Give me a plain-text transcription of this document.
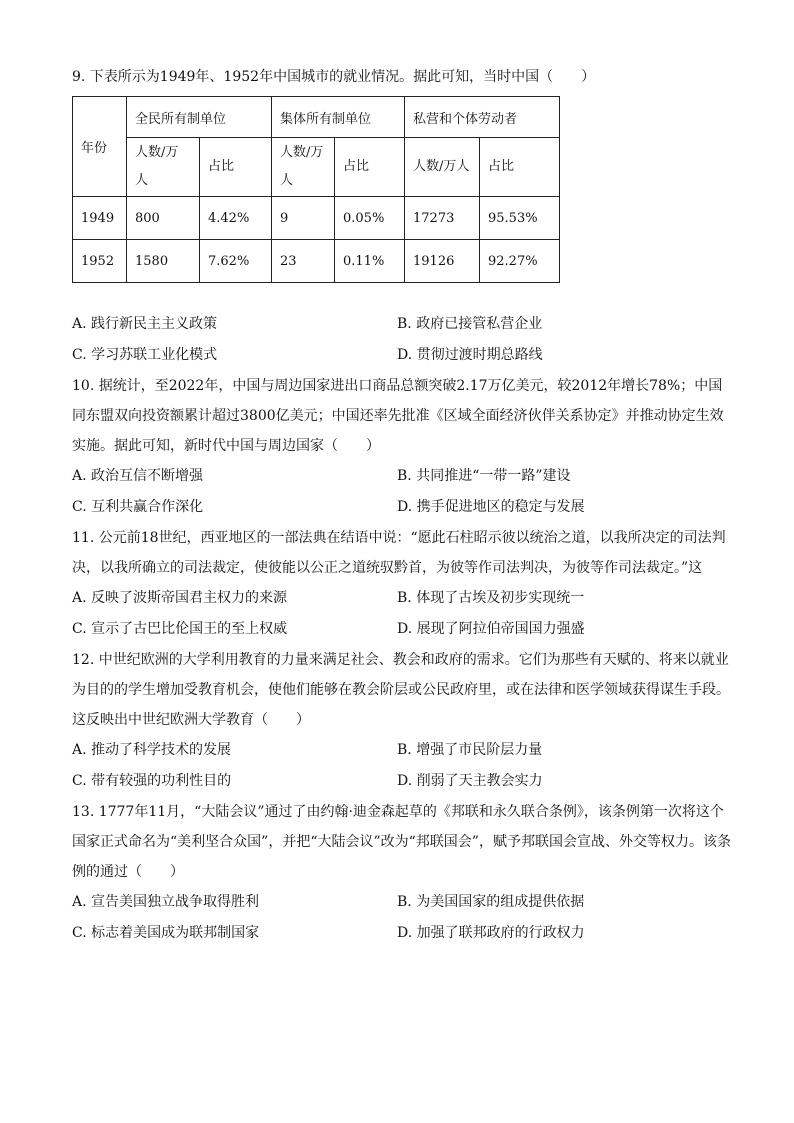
9. 下表所示为1949年、1952年中国城市的就业情况。据此可知，当时中国（　　）

年份	全民所有制单位		集体所有制单位		私营和个体劳动者	
	人数/万人	占比	人数/万人	占比	人数/万人	占比
1949	800	4.42%	9	0.05%	17273	95.53%
1952	1580	7.62%	23	0.11%	19126	92.27%
A. 践行新民主主义政策	B. 政府已接管私营企业
C. 学习苏联工业化模式	D. 贯彻过渡时期总路线

10. 据统计，至2022年，中国与周边国家进出口商品总额突破2.17万亿美元，较2012年增长78%；中国同东盟双向投资额累计超过3800亿美元；中国还率先批准《区域全面经济伙伴关系协定》并推动协定生效实施。据此可知，新时代中国与周边国家（　　）

A. 政治互信不断增强	B. 共同推进“一带一路”建设
C. 互利共赢合作深化	D. 携手促进地区的稳定与发展

11. 公元前18世纪，西亚地区的一部法典在结语中说：“愿此石柱昭示彼以统治之道，以我所决定的司法判决，以我所确立的司法裁定，使彼能以公正之道统驭黔首，为彼等作司法判决，为彼等作司法裁定。”这

A. 反映了波斯帝国君主权力的来源	B. 体现了古埃及初步实现统一
C. 宣示了古巴比伦国王的至上权威	D. 展现了阿拉伯帝国国力强盛

12. 中世纪欧洲的大学利用教育的力量来满足社会、教会和政府的需求。它们为那些有天赋的、将来以就业为目的的学生增加受教育机会，使他们能够在教会阶层或公民政府里，或在法律和医学领域获得谋生手段。这反映出中世纪欧洲大学教育（　　）

A. 推动了科学技术的发展	B. 增强了市民阶层力量
C. 带有较强的功利性目的	D. 削弱了天主教会实力

13. 1777年11月，“大陆会议”通过了由约翰·迪金森起草的《邦联和永久联合条例》，该条例第一次将这个国家正式命名为“美利坚合众国”，并把“大陆会议”改为“邦联国会”，赋予邦联国会宣战、外交等权力。该条例的通过（　　）

A. 宣告美国独立战争取得胜利	B. 为美国国家的组成提供依据
C. 标志着美国成为联邦制国家	D. 加强了联邦政府的行政权力
